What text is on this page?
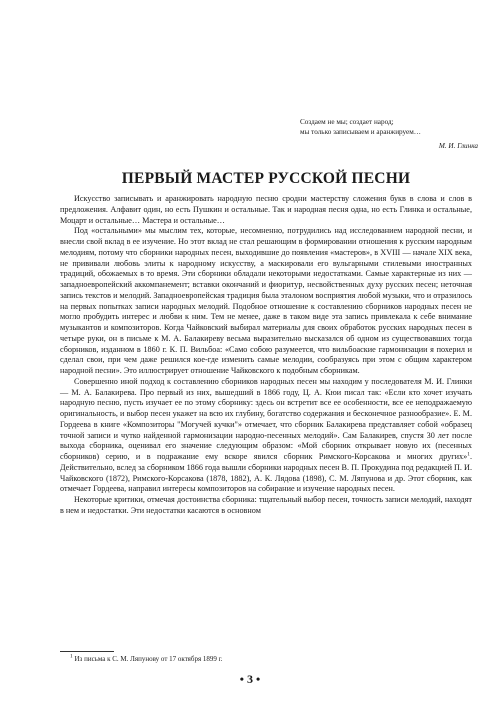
Создаем не мы; создает народ;
мы только записываем и аранжируем…
М. И. Глинка
ПЕРВЫЙ МАСТЕР РУССКОЙ ПЕСНИ

Искусство записывать и аранжировать народную песню сродни мастерству сложения букв в слова и слов в предложения. Алфавит один, но есть Пушкин и остальные. Так и народная песня одна, но есть Глинка и остальные, Моцарт и остальные… Мастера и остальные…

Под «остальными» мы мыслим тех, которые, несомненно, потрудились над исследованием народной песни, и внесли свой вклад в ее изучение. Но этот вклад не стал решающим в формировании отношения к русским народным мелодиям, потому что сборники народных песен, выходившие до появления «мастеров», в XVIII — начале XIX века, не прививали любовь элиты к народному искусству, а маскировали его вульгарными стилевыми иностранных традиций, обожаемых в то время. Эти сборники обладали некоторыми недостатками. Самые характерные из них — западноевропейский аккомпанемент; вставки окончаний и фиоритур, несвойственных духу русских песен; неточная запись текстов и мелодий. Западноевропейская традиция была эталоном восприятия любой музыки, что и отразилось на первых попытках записи народных мелодий. Подобное отношение к составлению сборников народных песен не могло пробудить интерес и любви к ним. Тем не менее, даже в таком виде эта запись привлекала к себе внимание музыкантов и композиторов. Когда Чайковский выбирал материалы для своих обработок русских народных песен в четыре руки, он в письме к М. А. Балакиреву весьма выразительно высказался об одном из существовавших тогда сборников, изданном в 1860 г. К. П. Вильбоа: «Само собою разумеется, что вильбоаские гармонизации я похерил и сделал свои, при чем даже решился кое-где изменить самые мелодии, сообразуясь при этом с общим характером народной песни». Это иллюстрирует отношение Чайковского к подобным сборникам.

Совершенно иной подход к составлению сборников народных песен мы находим у последователя М. И. Глинки — М. А. Балакирева. Про первый из них, вышедший в 1866 году, Ц. А. Кюи писал так: «Если кто хочет изучать народную песню, пусть изучает ее по этому сборнику: здесь он встретит все ее особенности, все ее неподражаемую оригинальность, и выбор песен укажет на всю их глубину, богатство содержания и бесконечное разнообразие». Е. М. Гордеева в книге «Композиторы "Могучей кучки"» отмечает, что сборник Балакирева представляет собой «образец точной записи и чутко найденной гармонизации народно-песенных мелодий». Сам Балакирев, спустя 30 лет после выхода сборника, оценивал его значение следующим образом: «Мой сборник открывает новую их (песенных сборников) серию, и в подражание ему вскоре явился сборник Римского-Корсакова и многих других»$^1$. Действительно, вслед за сборником 1866 года вышли сборники народных песен В. П. Прокудина под редакцией П. И. Чайковского (1872), Римского-Корсакова (1878, 1882), А. К. Лядова (1898), С. М. Ляпунова и др. Этот сборник, как отмечает Гордеева, направил интересы композиторов на собирание и изучение народных песен.

Некоторые критики, отмечая достоинства сборника: тщательный выбор песен, точность записи мелодий, находят в нем и недостатки. Эти недостатки касаются в основном

$^1$ Из письма к С. М. Ляпунову от 17 октября 1899 г.
• 3 •
